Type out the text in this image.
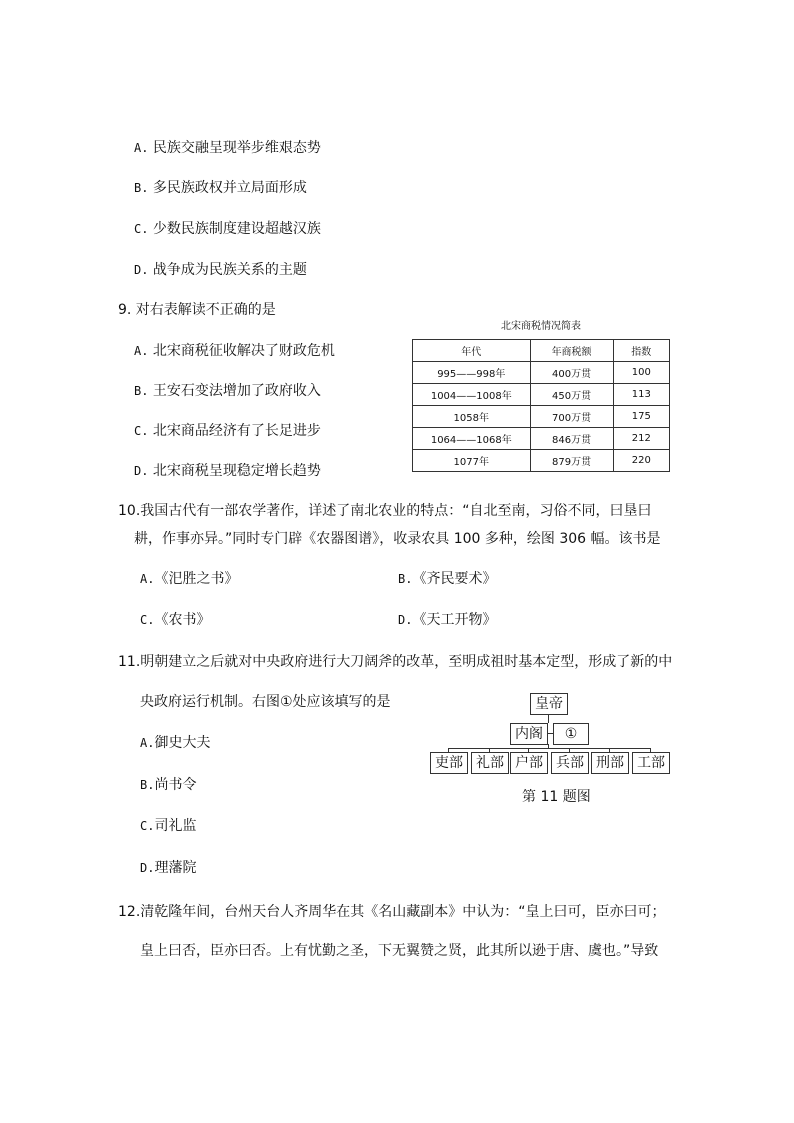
A. 民族交融呈现举步维艰态势
B. 多民族政权并立局面形成
C. 少数民族制度建设超越汉族
D. 战争成为民族关系的主题
9. 对右表解读不正确的是
A. 北宋商税征收解决了财政危机
B. 王安石变法增加了政府收入
C. 北宋商品经济有了长足进步
D. 北宋商税呈现稳定增长趋势
北宋商税情况简表
年代	年商税额	指数
995——998年	400万贯	100
1004——1008年	450万贯	113
1058年	700万贯	175
1064——1068年	846万贯	212
1077年	879万贯	220
10.我国古代有一部农学著作，详述了南北农业的特点：“自北至南，习俗不同，曰垦曰
耕，作事亦异。”同时专门辟《农器图谱》，收录农具 100 多种，绘图 306 幅。该书是
A.《汜胜之书》	B.《齐民要术》
C.《农书》	D.《天工开物》
11.明朝建立之后就对中央政府进行大刀阔斧的改革，至明成祖时基本定型，形成了新的中
央政府运行机制。右图①处应该填写的是
A.御史大夫
B.尚书令
C.司礼监
D.理藩院
皇帝
内阁	①
吏部 礼部 户部 兵部 刑部 工部
第 11 题图
12.清乾隆年间，台州天台人齐周华在其《名山藏副本》中认为：“皇上曰可，臣亦曰可；
皇上曰否，臣亦曰否。上有忧勤之圣，下无翼赞之贤，此其所以逊于唐、虞也。”导致
